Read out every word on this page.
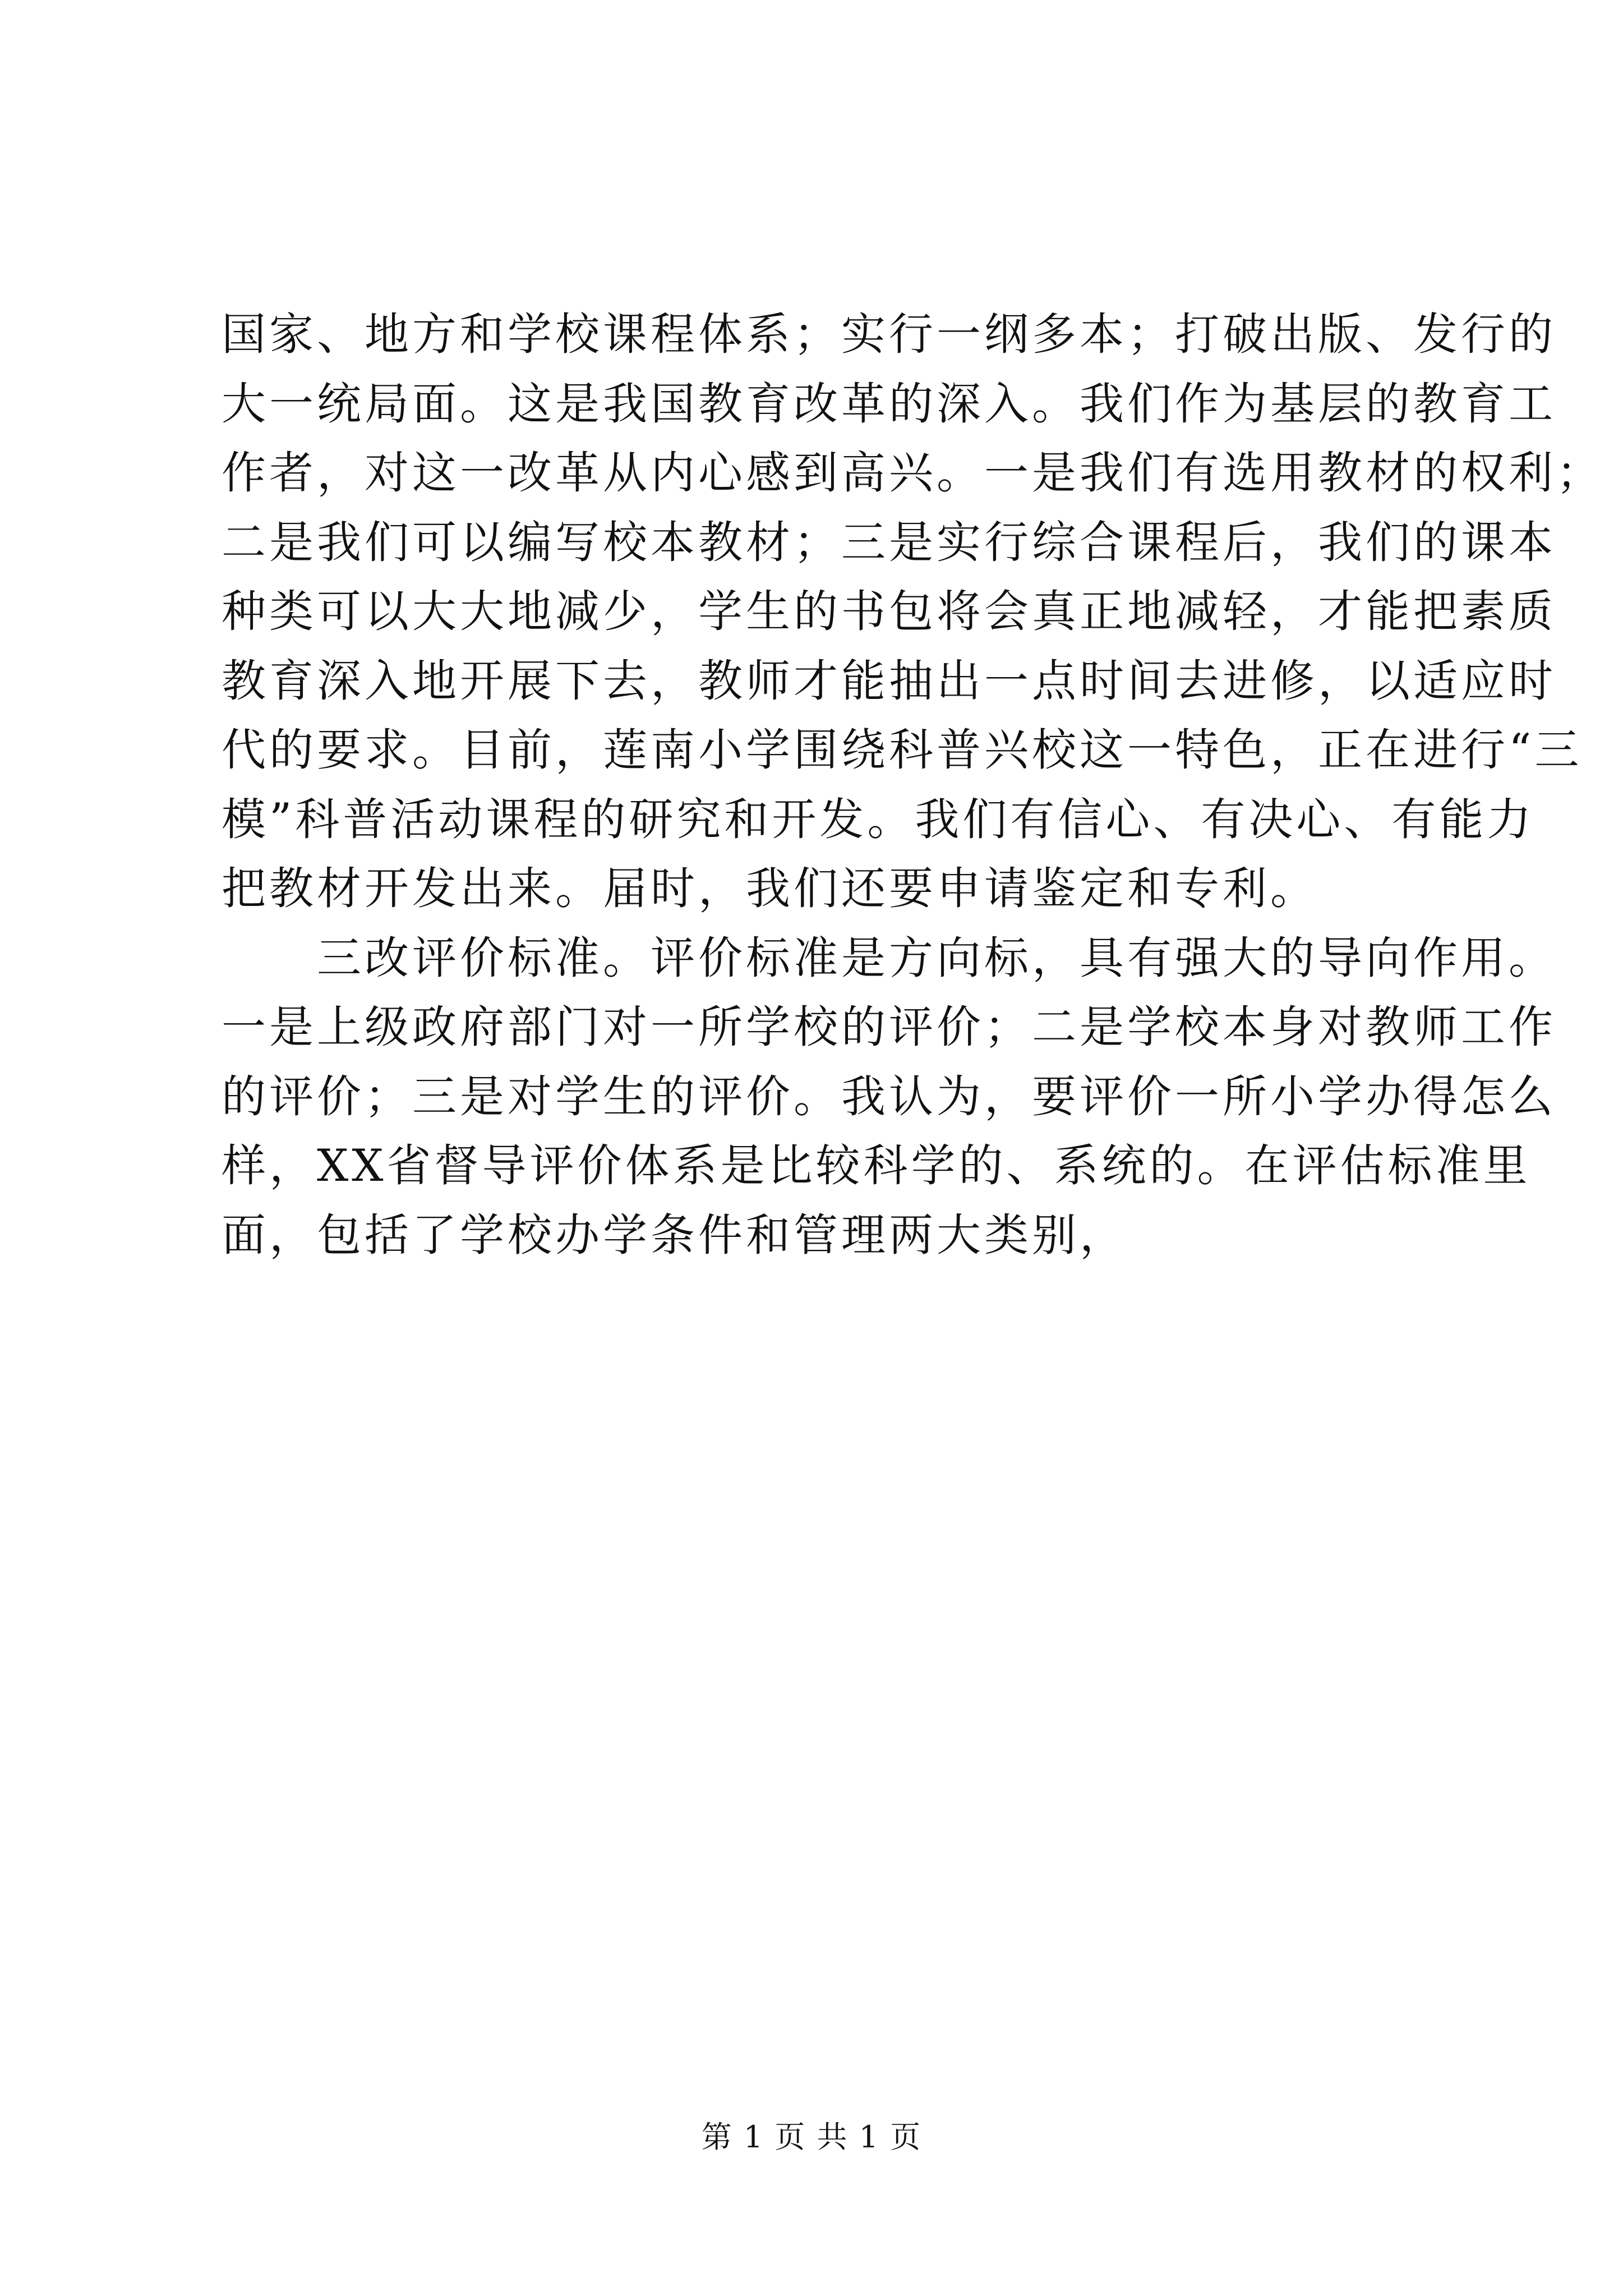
国家、地方和学校课程体系；实行一纲多本；打破出版、发行的
大一统局面。这是我国教育改革的深入。我们作为基层的教育工
作者，对这一改革从内心感到高兴。一是我们有选用教材的权利；
二是我们可以编写校本教材；三是实行综合课程后，我们的课本
种类可以大大地减少，学生的书包将会真正地减轻，才能把素质
教育深入地开展下去，教师才能抽出一点时间去进修，以适应时
代的要求。目前，莲南小学围绕科普兴校这一特色，正在进行“三
模”科普活动课程的研究和开发。我们有信心、有决心、有能力
把教材开发出来。届时，我们还要申请鉴定和专利。
　　三改评价标准。评价标准是方向标，具有强大的导向作用。
一是上级政府部门对一所学校的评价；二是学校本身对教师工作
的评价；三是对学生的评价。我认为，要评价一所小学办得怎么
样，XX省督导评价体系是比较科学的、系统的。在评估标准里
面，包括了学校办学条件和管理两大类别，
第 1 页 共 1 页
